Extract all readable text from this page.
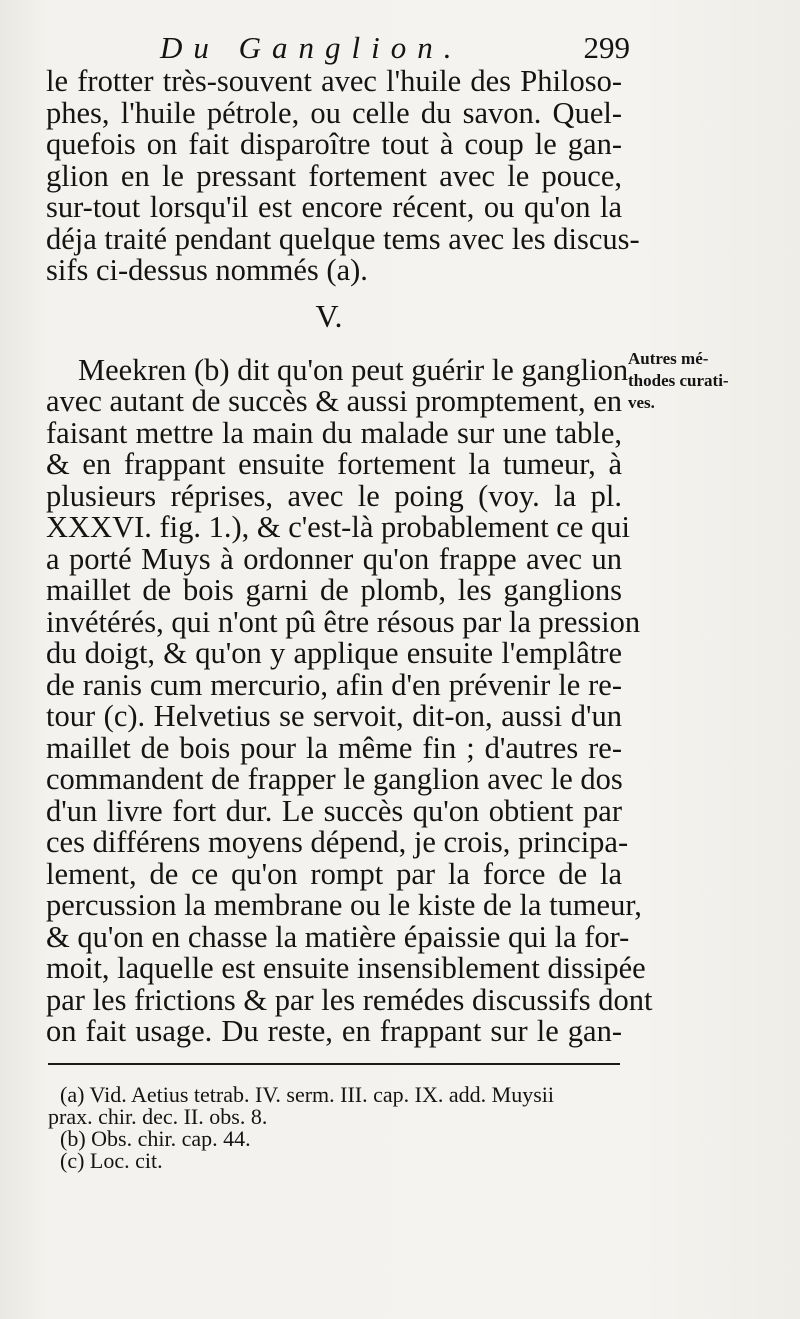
Du Ganglion.	299
le frotter très-souvent avec l'huile des Philoso-
phes, l'huile pétrole, ou celle du savon. Quel-
quefois on fait disparoître tout à coup le gan-
glion en le pressant fortement avec le pouce,
sur-tout lorsqu'il est encore récent, ou qu'on la
déja traité pendant quelque tems avec les discus-
sifs ci-dessus nommés (a).
V.
Meekren (b) dit qu'on peut guérir le ganglion
avec autant de succès & aussi promptement, en
faisant mettre la main du malade sur une table,
& en frappant ensuite fortement la tumeur, à
plusieurs réprises, avec le poing (voy. la pl.
XXXVI. fig. 1.), & c'est-là probablement ce qui
a porté Muys à ordonner qu'on frappe avec un
maillet de bois garni de plomb, les ganglions
invétérés, qui n'ont pû être résous par la pression
du doigt, & qu'on y applique ensuite l'emplâtre
de ranis cum mercurio, afin d'en prévenir le re-
tour (c). Helvetius se servoit, dit-on, aussi d'un
maillet de bois pour la même fin ; d'autres re-
commandent de frapper le ganglion avec le dos
d'un livre fort dur. Le succès qu'on obtient par
ces différens moyens dépend, je crois, principa-
lement, de ce qu'on rompt par la force de la
percussion la membrane ou le kiste de la tumeur,
& qu'on en chasse la matière épaissie qui la for-
moit, laquelle est ensuite insensiblement dissipée
par les frictions & par les remédes discussifs dont
on fait usage. Du reste, en frappant sur le gan-
Autres mé-
thodes curati-
ves.
(a) Vid. Aetius tetrab. IV. serm. III. cap. IX. add. Muysii
prax. chir. dec. II. obs. 8.
(b) Obs. chir. cap. 44.
(c) Loc. cit.
